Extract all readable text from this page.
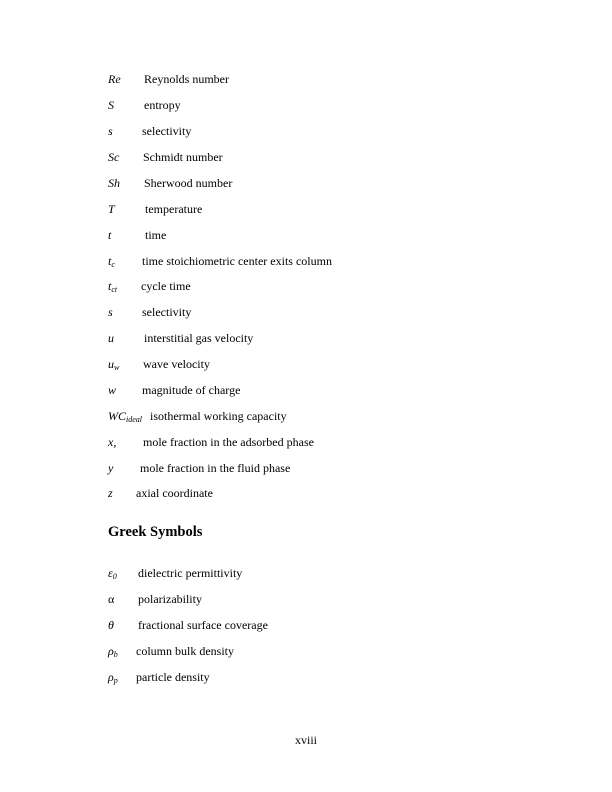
Re Reynolds number
S	entropy
s selectivity
Sc Schmidt number
Sh Sherwood number
T	temperature
t	time
$t_c$ time stoichiometric center exits column
$t_{ct}$ cycle time
s selectivity
u	interstitial gas velocity
$u_w$ wave velocity
w magnitude of charge
$WC_{ideal}$ isothermal working capacity
x, mole fraction in the adsorbed phase
y mole fraction in the fluid phase
z axial coordinate
Greek Symbols
$\varepsilon_0$ dielectric permittivity
α polarizability
θ fractional surface coverage
$\rho_b$ column bulk density
$\rho_p$ particle density
xviii
